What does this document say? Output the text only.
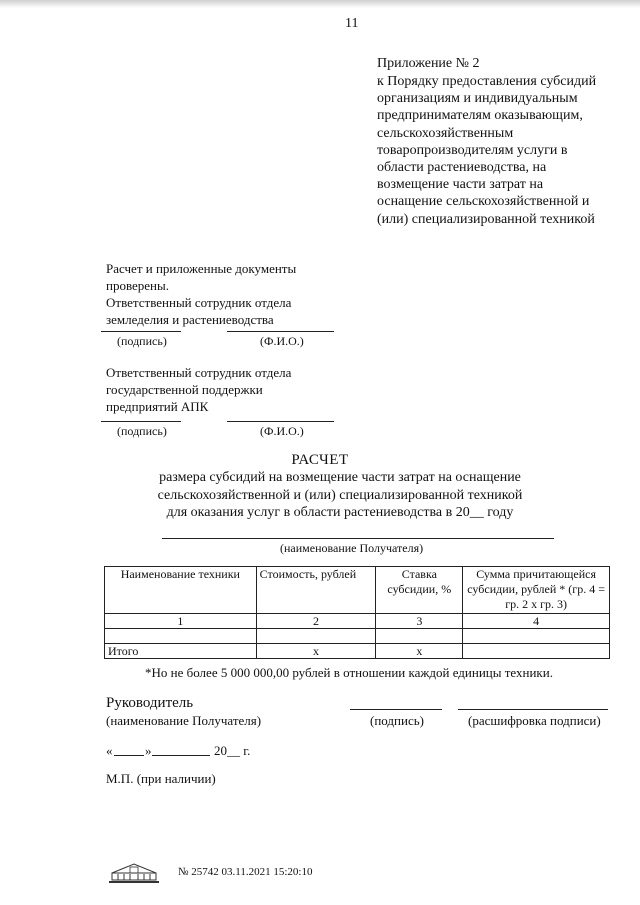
11
Приложение № 2
к Порядку предоставления субсидий
организациям и индивидуальным
предпринимателям оказывающим,
сельскохозяйственным
товаропроизводителям услуги в
области растениеводства, на
возмещение части затрат на
оснащение сельскохозяйственной и
(или) специализированной техникой
Расчет и приложенные документы
проверены.
Ответственный сотрудник отдела
земледелия и растениеводства
(подпись)	(Ф.И.О.)
Ответственный сотрудник отдела
государственной поддержки
предприятий АПК
(подпись)	(Ф.И.О.)
РАСЧЕТ
размера субсидий на возмещение части затрат на оснащение
сельскохозяйственной и (или) специализированной техникой
для оказания услуг в области растениеводства в 20__ году
(наименование Получателя)
Наименование техники	Стоимость, рублей	Ставка субсидии, %	Сумма причитающейся субсидии, рублей * (гр. 4 = гр. 2 х гр. 3)
1	2	3	4

Итого	х	х	
*Но не более 5 000 000,00 рублей в отношении каждой единицы техники.
Руководитель
(наименование Получателя)	(подпись)	(расшифровка подписи)
«	»	20__ г.
М.П. (при наличии)
№ 25742 03.11.2021 15:20:10
